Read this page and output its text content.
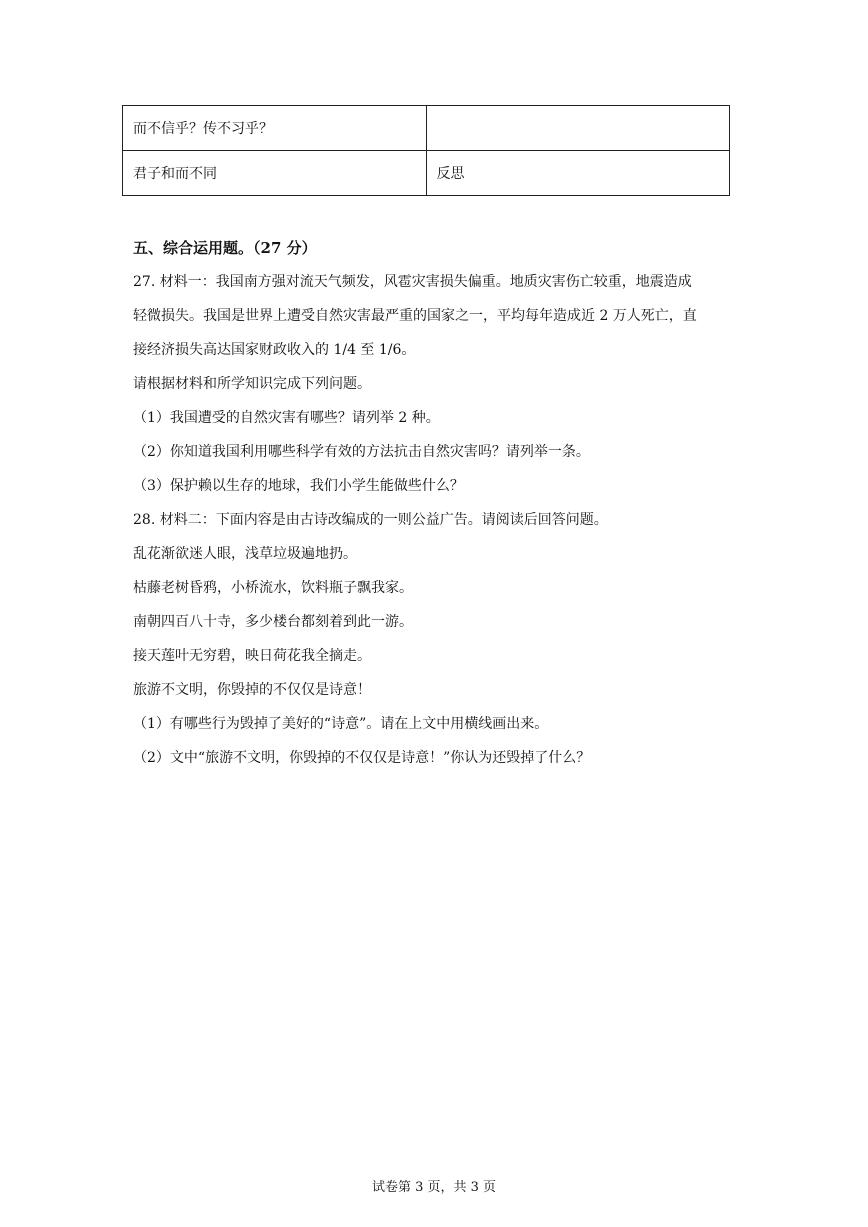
而不信乎？传不习乎？	
君子和而不同	反思
五、综合运用题。（27 分）

27. 材料一：我国南方强对流天气频发，风雹灾害损失偏重。地质灾害伤亡较重，地震造成

轻微损失。我国是世界上遭受自然灾害最严重的国家之一，平均每年造成近 2 万人死亡，直

接经济损失高达国家财政收入的 1/4 至 1/6。

请根据材料和所学知识完成下列问题。

（1）我国遭受的自然灾害有哪些？请列举 2 种。

（2）你知道我国利用哪些科学有效的方法抗击自然灾害吗？请列举一条。

（3）保护赖以生存的地球，我们小学生能做些什么？

28. 材料二：下面内容是由古诗改编成的一则公益广告。请阅读后回答问题。

乱花渐欲迷人眼，浅草垃圾遍地扔。

枯藤老树昏鸦，小桥流水，饮料瓶子飘我家。

南朝四百八十寺，多少楼台都刻着到此一游。

接天莲叶无穷碧，映日荷花我全摘走。

旅游不文明，你毁掉的不仅仅是诗意！

（1）有哪些行为毁掉了美好的“诗意”。请在上文中用横线画出来。

（2）文中“旅游不文明，你毁掉的不仅仅是诗意！”你认为还毁掉了什么？

试卷第 3 页，共 3 页
